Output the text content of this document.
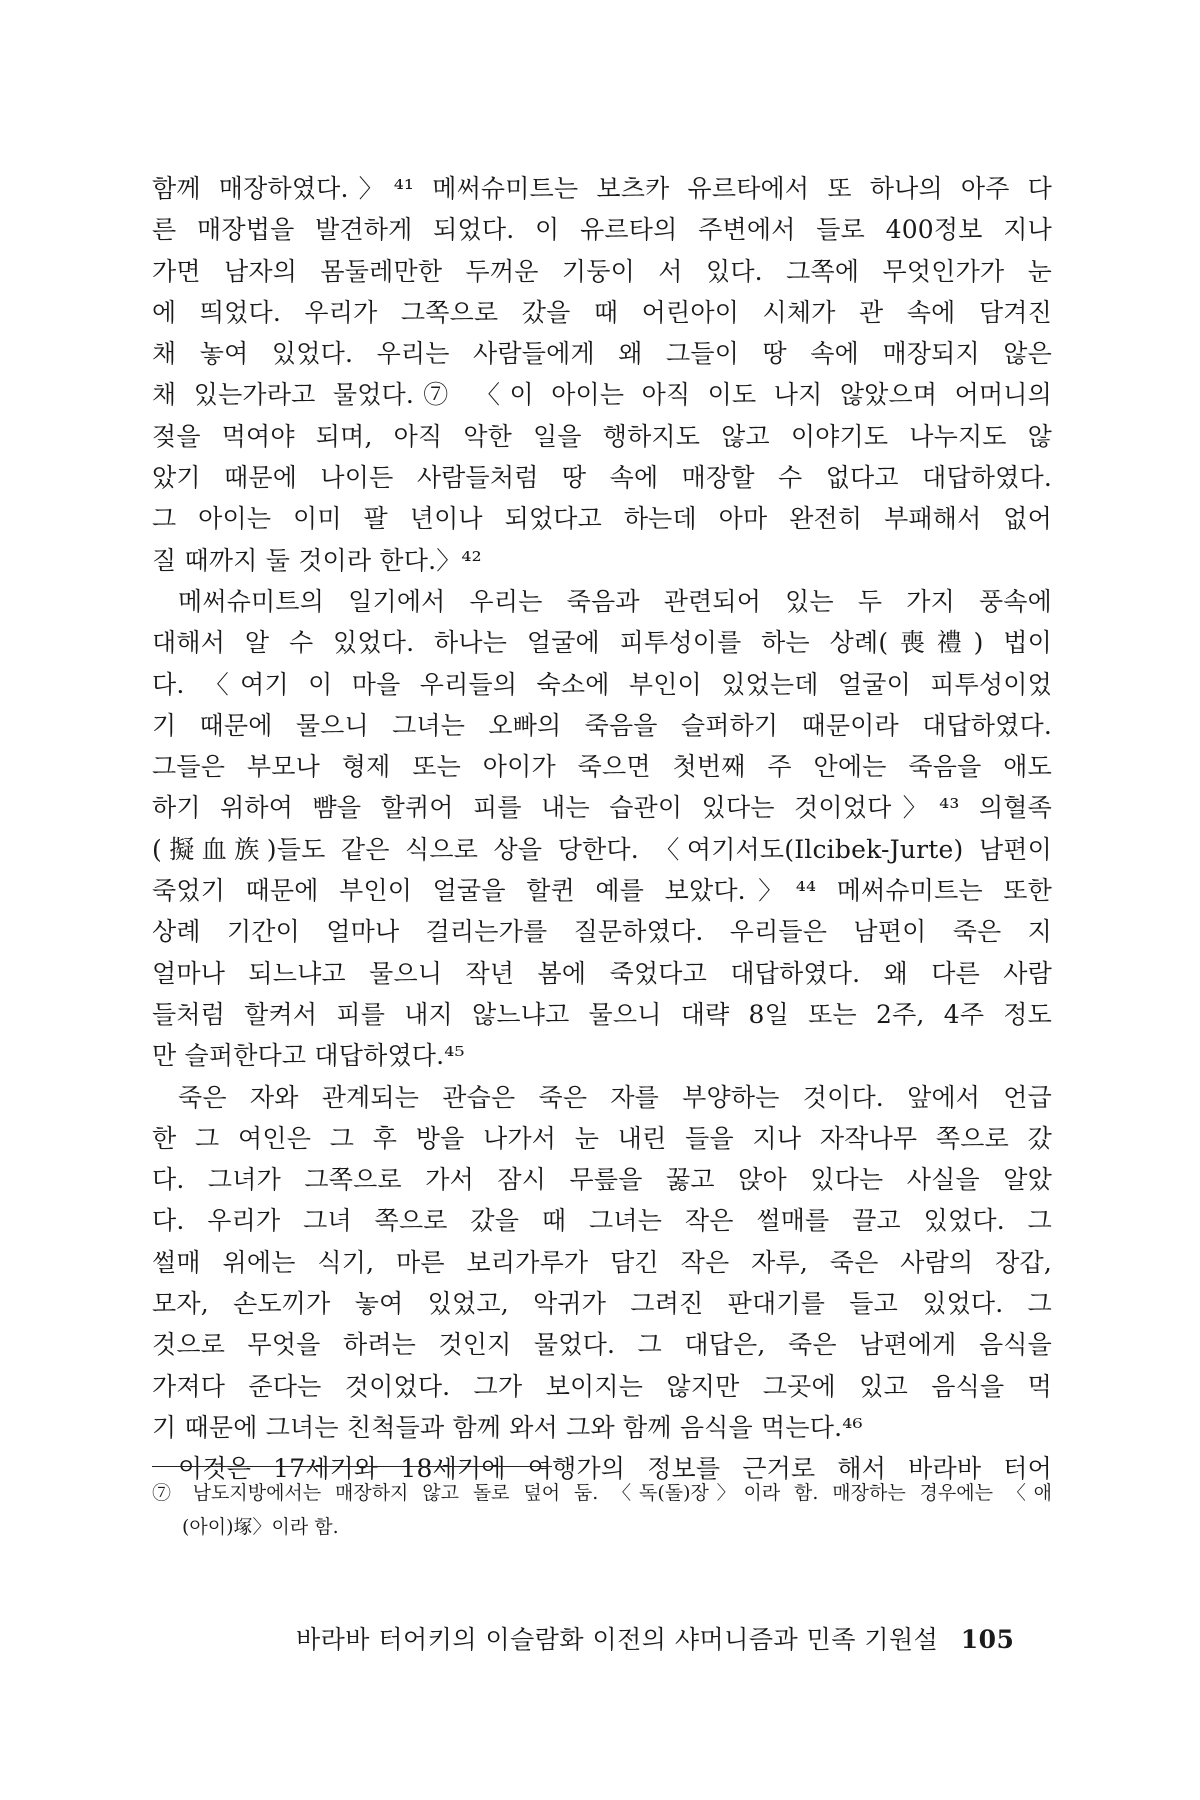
함께 매장하였다.〉⁴¹ 메써슈미트는 보츠카 유르타에서 또 하나의 아주 다
른 매장법을 발견하게 되었다. 이 유르타의 주변에서 들로 400정보 지나
가면 남자의 몸둘레만한 두꺼운 기둥이 서 있다. 그쪽에 무엇인가가 눈
에 띄었다. 우리가 그쪽으로 갔을 때 어린아이 시체가 관 속에 담겨진
채 놓여 있었다. 우리는 사람들에게 왜 그들이 땅 속에 매장되지 않은
채 있는가라고 물었다.⑦ 〈이 아이는 아직 이도 나지 않았으며 어머니의
젖을 먹여야 되며, 아직 악한 일을 행하지도 않고 이야기도 나누지도 않
았기 때문에 나이든 사람들처럼 땅 속에 매장할 수 없다고 대답하였다.
그 아이는 이미 팔 년이나 되었다고 하는데 아마 완전히 부패해서 없어
질 때까지 둘 것이라 한다.〉⁴²
메써슈미트의 일기에서 우리는 죽음과 관련되어 있는 두 가지 풍속에
대해서 알 수 있었다. 하나는 얼굴에 피투성이를 하는 상례(喪禮) 법이
다. 〈여기 이 마을 우리들의 숙소에 부인이 있었는데 얼굴이 피투성이었
기 때문에 물으니 그녀는 오빠의 죽음을 슬퍼하기 때문이라 대답하였다.
그들은 부모나 형제 또는 아이가 죽으면 첫번째 주 안에는 죽음을 애도
하기 위하여 뺨을 할퀴어 피를 내는 습관이 있다는 것이었다〉⁴³ 의혈족
(擬血族)들도 같은 식으로 상을 당한다. 〈여기서도(Ilcibek-Jurte) 남편이
죽었기 때문에 부인이 얼굴을 할퀸 예를 보았다.〉⁴⁴ 메써슈미트는 또한
상례 기간이 얼마나 걸리는가를 질문하였다. 우리들은 남편이 죽은 지
얼마나 되느냐고 물으니 작년 봄에 죽었다고 대답하였다. 왜 다른 사람
들처럼 할켜서 피를 내지 않느냐고 물으니 대략 8일 또는 2주, 4주 정도
만 슬퍼한다고 대답하였다.⁴⁵
죽은 자와 관계되는 관습은 죽은 자를 부양하는 것이다. 앞에서 언급
한 그 여인은 그 후 방을 나가서 눈 내린 들을 지나 자작나무 쪽으로 갔
다. 그녀가 그쪽으로 가서 잠시 무릎을 꿇고 앉아 있다는 사실을 알았
다. 우리가 그녀 쪽으로 갔을 때 그녀는 작은 썰매를 끌고 있었다. 그
썰매 위에는 식기, 마른 보리가루가 담긴 작은 자루, 죽은 사람의 장갑,
모자, 손도끼가 놓여 있었고, 악귀가 그려진 판대기를 들고 있었다. 그
것으로 무엇을 하려는 것인지 물었다. 그 대답은, 죽은 남편에게 음식을
가져다 준다는 것이었다. 그가 보이지는 않지만 그곳에 있고 음식을 먹
기 때문에 그녀는 친척들과 함께 와서 그와 함께 음식을 먹는다.⁴⁶
이것은 17세기와 18세기에 여행가의 정보를 근거로 해서 바라바 터어
⑦ 남도지방에서는 매장하지 않고 돌로 덮어 둠. 〈독(돌)장〉이라 함. 매장하는 경우에는 〈애
(아이)塚〉이라 함.
바라바 터어키의 이슬람화 이전의 샤머니즘과 민족 기원설 105
